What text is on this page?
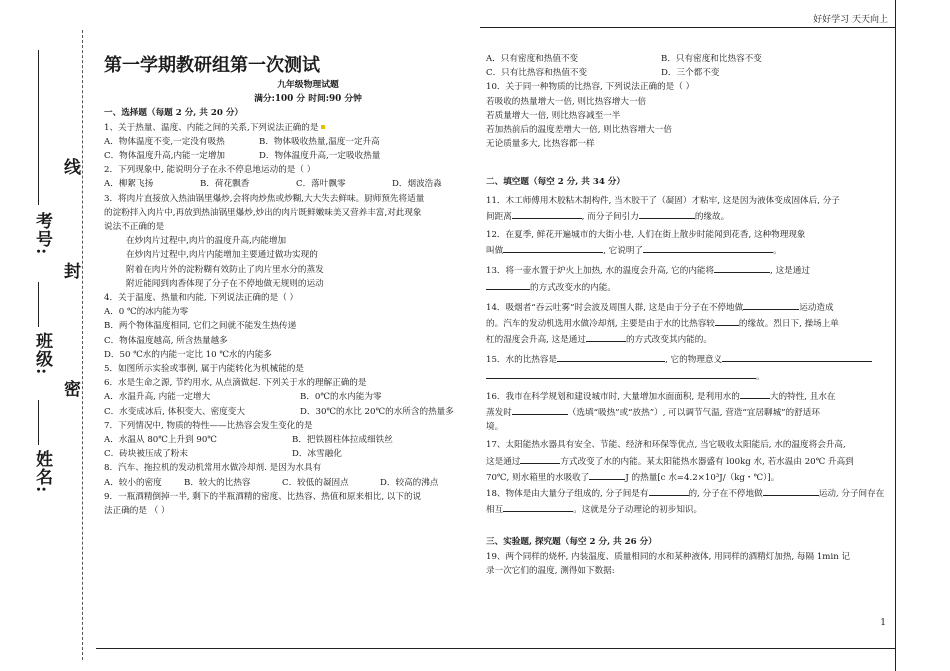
好好学习 天天向上
1
姓名:
班级:
考号:
密
封
线
第一学期教研组第一次测试
九年级物理试题
满分:100 分 时间:90 分钟
一、选择题（每题 2 分, 共 20 分）
1、关于热量、温度、内能之间的关系,下列说法正确的是
A．物体温度不变,一定没有吸热	B．物体吸收热量,温度一定升高
C．物体温度升高,内能一定增加	D．物体温度升高,一定吸收热量
2．下列现象中, 能说明分子在永不停息地运动的是（ ）
A．柳絮飞扬	B．荷花飘香	C．落叶飘零	D．烟波浩淼
3．将肉片直接放入热油锅里爆炒,会将肉炒焦或炒糊,大大失去鲜味。厨师预先将适量
的淀粉拌入肉片中,再放到热油锅里爆炒,炒出的肉片既鲜嫩味美又营养丰富,对此现象
说法不正确的是
在炒肉片过程中,肉片的温度升高,内能增加
在炒肉片过程中,肉片内能增加主要通过做功实现的
附着在肉片外的淀粉糊有效防止了肉片里水分的蒸发
附近能闻到肉香体现了分子在不停地做无规则的运动
4．关于温度、热量和内能, 下列说法正确的是（ ）
A．0 ℃的冰内能为零
B．两个物体温度相同, 它们之间就不能发生热传递
C．物体温度越高, 所含热量越多
D．50 ℃水的内能一定比 10 ℃水的内能多
5．如图所示实验或事例, 属于内能转化为机械能的是
6．水是生命之源, 节约用水, 从点滴做起. 下列关于水的理解正确的是
A．水温升高, 内能一定增大	B．0℃的水内能为零
C．水变成冰后, 体积变大、密度变大	D．30℃的水比 20℃的水所含的热量多
7．下列情况中, 物质的特性——比热容会发生变化的是
A．水温从 80℃上升到 90℃	B．把铁圆柱体拉成细铁丝
C．砖块被压成了粉末	D．冰雪融化
8．汽车、拖拉机的发动机常用水做冷却剂. 是因为水具有
A．较小的密度	B．较大的比热容	C．较低的凝固点	D．较高的沸点
9．一瓶酒精倒掉一半, 剩下的半瓶酒精的密度、比热容、热值和原来相比, 以下的说
法正确的是 （ ）
A．只有密度和热值不变	B．只有密度和比热容不变
C．只有比热容和热值不变	D．三个都不变
10．关于同一种物质的比热容, 下列说法正确的是（ ）
若吸收的热量增大一倍, 则比热容增大一倍
若质量增大一倍, 则比热容减至一半
若加热前后的温度差增大一倍, 则比热容增大一倍
无论质量多大, 比热容都一样
二、填空题（每空 2 分, 共 34 分）
11．木工师傅用木胶粘木制构件, 当木胶干了（凝固）才粘牢, 这是因为液体变成固体后, 分子
间距离	, 而分子间引力	的缘故。
12．在夏季, 鲜花开遍城市的大街小巷, 人们在街上散步时能闻到花香, 这种物理现象
叫做	, 它说明了	。
13．将一壶水置于炉火上加热, 水的温度会升高, 它的内能将	, 这是通过
的方式改变水的内能。
14．吸烟者“吞云吐雾”时会波及周围人群, 这是由于分子在不停地做	运动造成
的。汽车的发动机选用水做冷却剂, 主要是由于水的比热容较	的缘故。烈日下, 操场上单
杠的湿度会升高, 这是通过	的方式改变其内能的。
15．水的比热容是	, 它的物理意义
。
16．我市在科学规划和建设城市时, 大量增加水面面积, 是利用水的	大的特性, 且水在
蒸发时	（选填“吸热”或“放热”）, 可以调节气温, 营造“宜居聊城”的舒适环
境。
17、太阳能热水器具有安全、节能、经济和环保等优点, 当它吸收太阳能后, 水的温度将会升高,
这是通过	方式改变了水的内能。某太阳能热水器盛有 l00kg 水, 若水温由 20℃ 升高到
70℃, 则水箱里的水吸收了	J 的热量[c 水=4.2×10³J/（kg・℃）]。
18、物体是由大量分子组成的, 分子间是有	的, 分子在不停地做	运动, 分子间存在
相互	。这就是分子动理论的初步知识。
三、实验题, 探究题（每空 2 分, 共 26 分）
19、两个同样的烧杯, 内装温度、质量相同的水和某种液体, 用同样的酒精灯加热, 每隔 1min 记
录一次它们的温度, 测得如下数据:
